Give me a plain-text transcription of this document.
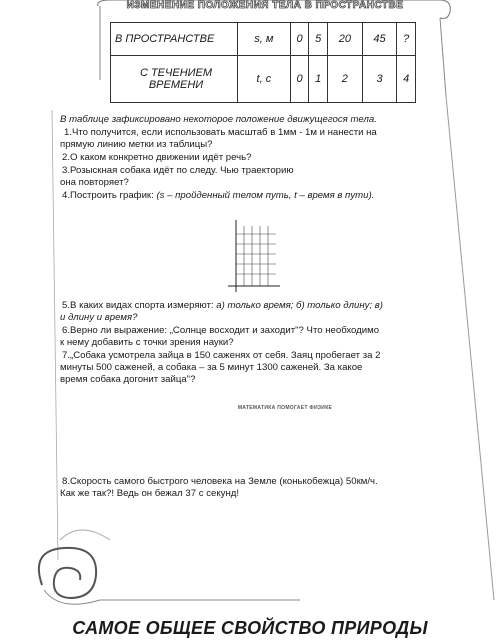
ИЗМЕНЕНИЕ ПОЛОЖЕНИЯ ТЕЛА В ПРОСТРАНСТВЕ
В ПРОСТРАНСТВЕ	s, м	0	5	20	45	?
С ТЕЧЕНИЕМ ВРЕМЕНИ	t, с	0	1	2	3	4
В таблице зафиксировано некоторое положение движущегося тела.
1.Что получится, если использовать масштаб в 1мм - 1м и нанести на
прямую линию метки из таблицы?
2.О каком конкретно движении идёт речь?
3.Розыскная собака идёт по следу. Чью траекторию
она повторяет?
4.Построить график: (s – пройденный телом путь, t – время в пути).
5.В каких видах спорта измеряют: а) только время; б) только длину; в)
и длину и время?
6.Верно ли выражение: „Солнце восходит и заходит"? Что необходимо
к нему добавить с точки зрения науки?
7.„Собака усмотрела зайца в 150 саженях от себя. Заяц пробегает за 2
минуты 500 саженей, а собака – за 5 минут 1300 саженей. За какое
время собака догонит зайца"?
МАТЕМАТИКА ПОМОГАЕТ ФИЗИКЕ
8.Скорость самого быстрого человека на Земле (конькобежца) 50км/ч.
Как же так?! Ведь он бежал 37 с секунд!
САМОЕ ОБЩЕЕ СВОЙСТВО ПРИРОДЫ
